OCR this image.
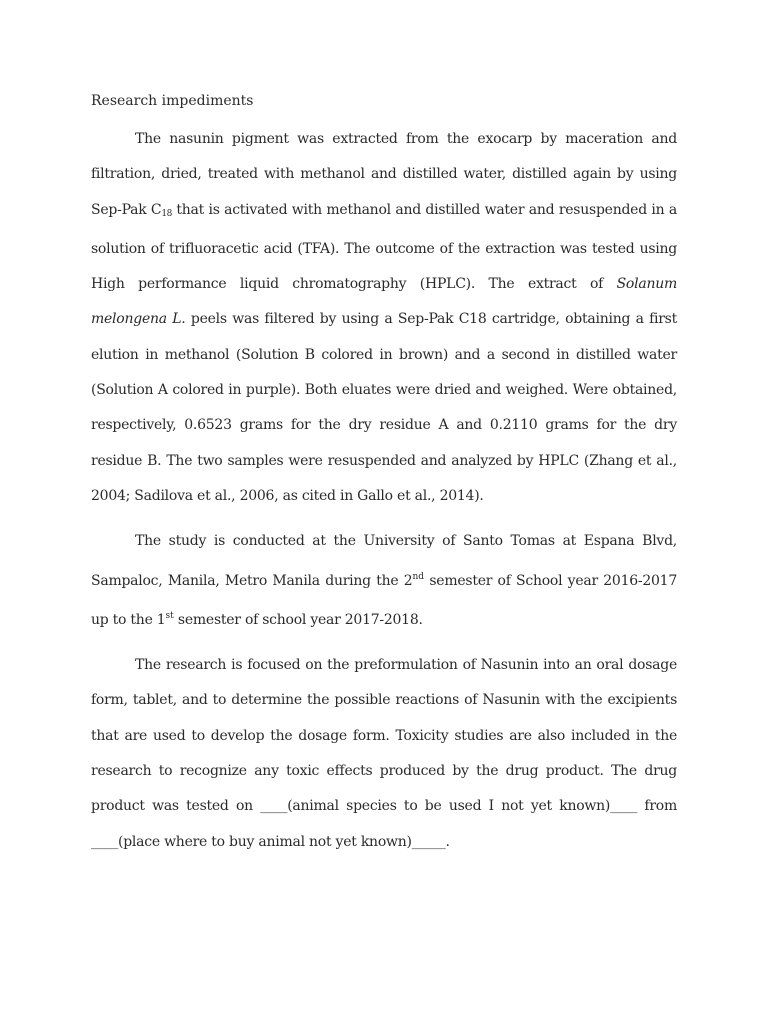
Research impediments

The nasunin pigment was extracted from the exocarp by maceration and filtration, dried, treated with methanol and distilled water, distilled again by using Sep-Pak $C_{18}$ that is activated with methanol and distilled water and resuspended in a solution of trifluoracetic acid (TFA). The outcome of the extraction was tested using High performance liquid chromatography (HPLC). The extract of Solanum melongena L. peels was filtered by using a Sep-Pak C18 cartridge, obtaining a first elution in methanol (Solution B colored in brown) and a second in distilled water (Solution A colored in purple). Both eluates were dried and weighed. Were obtained, respectively, 0.6523 grams for the dry residue A and 0.2110 grams for the dry residue B. The two samples were resuspended and analyzed by HPLC (Zhang et al., 2004; Sadilova et al., 2006, as cited in Gallo et al., 2014).

The study is conducted at the University of Santo Tomas at Espana Blvd, Sampaloc, Manila, Metro Manila during the 2nd semester of School year 2016-2017 up to the 1st semester of school year 2017-2018.

The research is focused on the preformulation of Nasunin into an oral dosage form, tablet, and to determine the possible reactions of Nasunin with the excipients that are used to develop the dosage form. Toxicity studies are also included in the research to recognize any toxic effects produced by the drug product. The drug product was tested on ____(animal species to be used I not yet known)____ from ____(place where to buy animal not yet known)_____.
